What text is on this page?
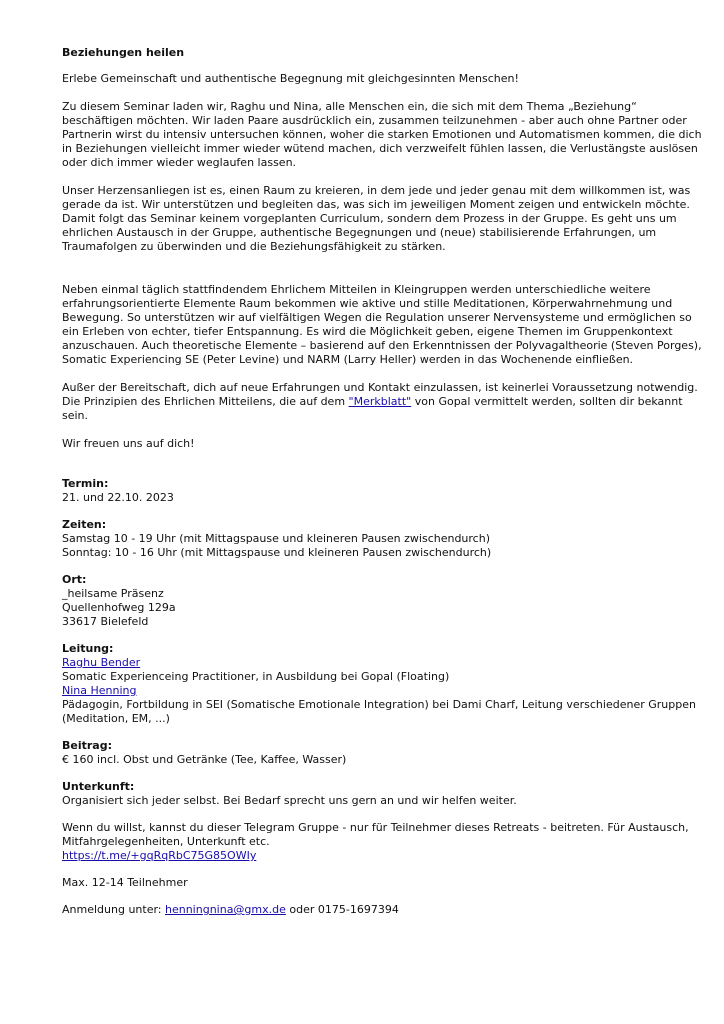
Beziehungen heilen

Erlebe Gemeinschaft und authentische Begegnung mit gleichgesinnten Menschen!

Zu diesem Seminar laden wir, Raghu und Nina, alle Menschen ein, die sich mit dem Thema „Beziehung“ beschäftigen möchten. Wir laden Paare ausdrücklich ein, zusammen teilzunehmen - aber auch ohne Partner oder Partnerin wirst du intensiv untersuchen können, woher die starken Emotionen und Automatismen kommen, die dich in Beziehungen vielleicht immer wieder wütend machen, dich verzweifelt fühlen lassen, die Verlustängste auslösen oder dich immer wieder weglaufen lassen.

Unser Herzensanliegen ist es, einen Raum zu kreieren, in dem jede und jeder genau mit dem willkommen ist, was gerade da ist. Wir unterstützen und begleiten das, was sich im jeweiligen Moment zeigen und entwickeln möchte. Damit folgt das Seminar keinem vorgeplanten Curriculum, sondern dem Prozess in der Gruppe. Es geht uns um ehrlichen Austausch in der Gruppe, authentische Begegnungen und (neue) stabilisierende Erfahrungen, um Traumafolgen zu überwinden und die Beziehungsfähigkeit zu stärken.

Neben einmal täglich stattfindendem Ehrlichem Mitteilen in Kleingruppen werden unterschiedliche weitere erfahrungsorientierte Elemente Raum bekommen wie aktive und stille Meditationen, Körperwahrnehmung und Bewegung. So unterstützen wir auf vielfältigen Wegen die Regulation unserer Nervensysteme und ermöglichen so ein Erleben von echter, tiefer Entspannung. Es wird die Möglichkeit geben, eigene Themen im Gruppenkontext anzuschauen. Auch theoretische Elemente – basierend auf den Erkenntnissen der Polyvagaltheorie (Steven Porges), Somatic Experiencing SE (Peter Levine) und NARM (Larry Heller) werden in das Wochenende einfließen.

Außer der Bereitschaft, dich auf neue Erfahrungen und Kontakt einzulassen, ist keinerlei Voraussetzung notwendig. Die Prinzipien des Ehrlichen Mitteilens, die auf dem "Merkblatt" von Gopal vermittelt werden, sollten dir bekannt sein.

Wir freuen uns auf dich!

Termin:

21. und 22.10. 2023

Zeiten:

Samstag 10 - 19 Uhr (mit Mittagspause und kleineren Pausen zwischendurch)

Sonntag: 10 - 16 Uhr (mit Mittagspause und kleineren Pausen zwischendurch)

Ort:

_heilsame Präsenz

Quellenhofweg 129a

33617 Bielefeld

Leitung:

Raghu Bender

Somatic Experienceing Practitioner, in Ausbildung bei Gopal (Floating)

Nina Henning

Pädagogin, Fortbildung in SEI (Somatische Emotionale Integration) bei Dami Charf, Leitung verschiedener Gruppen (Meditation, EM, ...)

Beitrag:

€ 160 incl. Obst und Getränke (Tee, Kaffee, Wasser)

Unterkunft:

Organisiert sich jeder selbst. Bei Bedarf sprecht uns gern an und wir helfen weiter.

Wenn du willst, kannst du dieser Telegram Gruppe - nur für Teilnehmer dieses Retreats - beitreten. Für Austausch, Mitfahrgelegenheiten, Unterkunft etc.

https://t.me/+gqRqRbC75G85OWIy

Max. 12-14 Teilnehmer

Anmeldung unter: henningnina@gmx.de oder 0175-1697394
